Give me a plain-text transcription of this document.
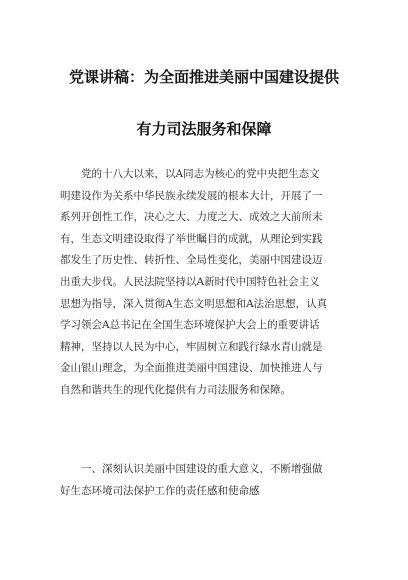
党课讲稿：为全面推进美丽中国建设提供
有力司法服务和保障
党的十八大以来，以A同志为核心的党中央把生态文
明建设作为关系中华民族永续发展的根本大计，开展了一
系列开创性工作，决心之大、力度之大、成效之大前所未
有，生态文明建设取得了举世瞩目的成就，从理论到实践
都发生了历史性、转折性、全局性变化，美丽中国建设迈
出重大步伐。人民法院坚持以A新时代中国特色社会主义
思想为指导，深入贯彻A生态文明思想和A法治思想，认真
学习领会A总书记在全国生态环境保护大会上的重要讲话
精神，坚持以人民为中心，牢固树立和践行绿水青山就是
金山银山理念，为全面推进美丽中国建设、加快推进人与
自然和谐共生的现代化提供有力司法服务和保障。
一、深刻认识美丽中国建设的重大意义，不断增强做
好生态环境司法保护工作的责任感和使命感
